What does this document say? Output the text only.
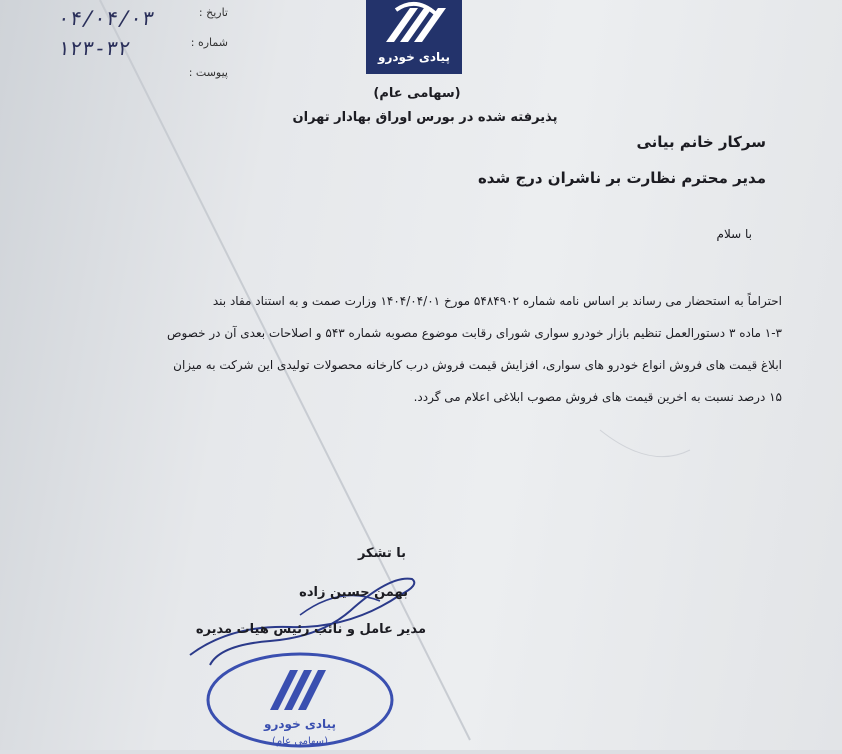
۰۴/۰۴/۰۳	تاریخ :
۱۲۳-۳۲	شماره :
پیوست :
پیادی خودرو
(سهامی عام)
پذیرفته شده در بورس اوراق بهادار تهران
سرکار خانم بیانی
مدیر محترم نظارت بر ناشران درج شده
با سلام
احتراماً به استحضار می رساند بر اساس نامه شماره ۵۴۸۴۹۰۲ مورخ ۱۴۰۴/۰۴/۰۱ وزارت صمت و به استناد مفاد بند
۱-۳ ماده ۳ دستورالعمل تنظیم بازار خودرو سواری شورای رقابت موضوع مصوبه شماره ۵۴۳ و اصلاحات بعدی آن در خصوص
ابلاغ قیمت های فروش انواع خودرو های سواری، افزایش قیمت فروش درب کارخانه محصولات تولیدی این شرکت به میزان
۱۵ درصد نسبت به اخرین قیمت های فروش مصوب ابلاغی اعلام می گردد.
با تشکر
بهمن حسین زاده
مدیر عامل و نائب رئیس هیات مدیره
پیادی خودرو
(سهامی عام)
